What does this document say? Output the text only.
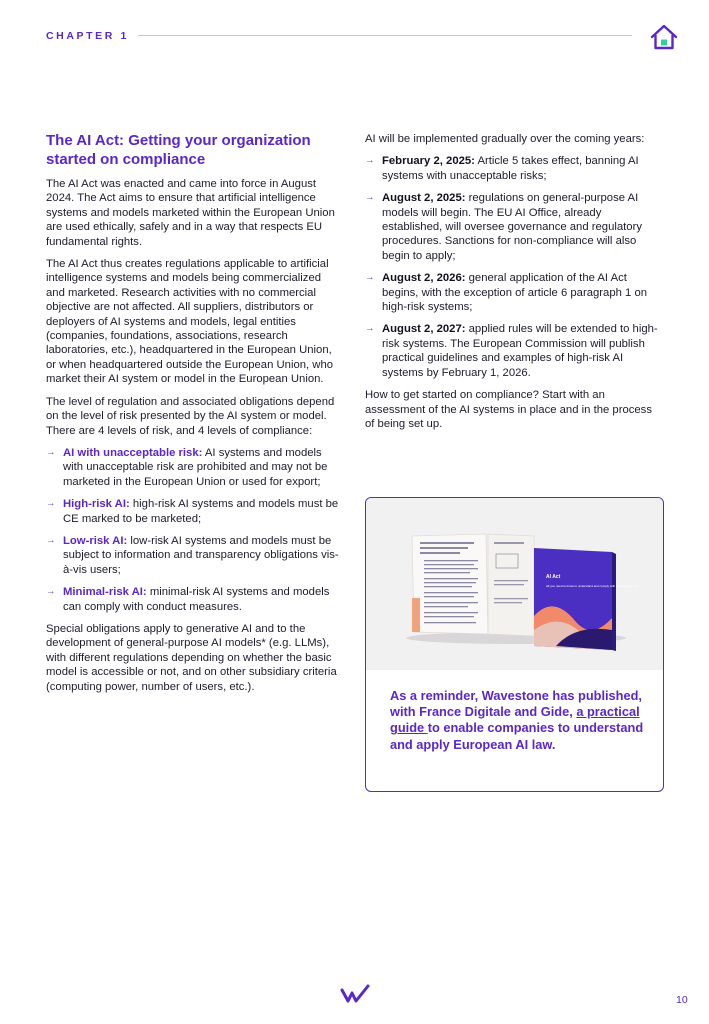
CHAPTER 1
The AI Act: Getting your organization started on compliance

The AI Act was enacted and came into force in August 2024. The Act aims to ensure that artificial intelligence systems and models marketed within the European Union are used ethically, safely and in a way that respects EU fundamental rights.

The AI Act thus creates regulations applicable to artificial intelligence systems and models being commercialized and marketed. Research activities with no commercial objective are not affected. All suppliers, distributors or deployers of AI systems and models, legal entities (companies, foundations, associations, research laboratories, etc.), headquartered in the European Union, or when headquartered outside the European Union, who market their AI system or model in the European Union.

The level of regulation and associated obligations depend on the level of risk presented by the AI system or model. There are 4 levels of risk, and 4 levels of compliance:

→ AI with unacceptable risk: AI systems and models with unacceptable risk are prohibited and may not be marketed in the European Union or used for export;
→ High-risk AI: high-risk AI systems and models must be CE marked to be marketed;
→ Low-risk AI: low-risk AI systems and models must be subject to information and transparency obligations vis-à-vis users;
→ Minimal-risk AI: minimal-risk AI systems and models can comply with conduct measures.

Special obligations apply to generative AI and to the development of general-purpose AI models* (e.g. LLMs), with different regulations depending on whether the basic model is accessible or not, and on other subsidiary criteria (computing power, number of users, etc.).

AI will be implemented gradually over the coming years:

→ February 2, 2025: Article 5 takes effect, banning AI systems with unacceptable risks;
→ August 2, 2025: regulations on general-purpose AI models will begin. The EU AI Office, already established, will oversee governance and regulatory procedures. Sanctions for non-compliance will also begin to apply;
→ August 2, 2026: general application of the AI Act begins, with the exception of article 6 paragraph 1 on high-risk systems;
→ August 2, 2027: applied rules will be extended to high-risk systems. The European Commission will publish practical guidelines and examples of high-risk AI systems by February 1, 2026.

How to get started on compliance? Start with an assessment of the AI systems in place and in the process of being set up.

AI Act
All you need to know to understand and comply with the EU law on AI

As a reminder, Wavestone has published, with France Digitale and Gide, a practical guide to enable companies to understand and apply European AI law.

10
